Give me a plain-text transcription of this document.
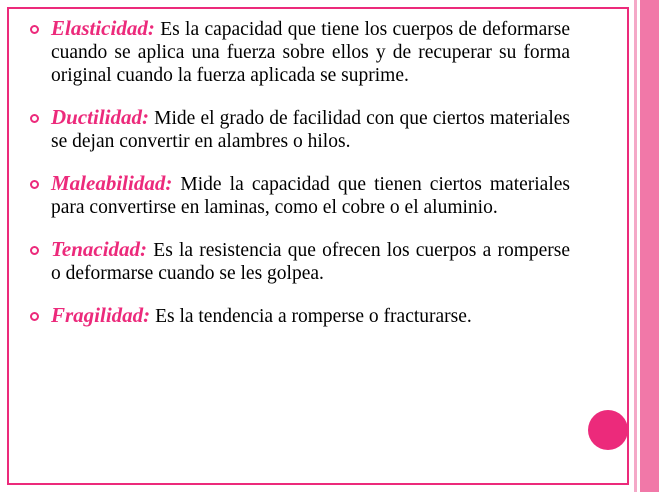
Elasticidad: Es la capacidad que tiene los cuerpos de deformarse cuando se aplica una fuerza sobre ellos y de recuperar su forma original cuando la fuerza aplicada se suprime.
Ductilidad: Mide el grado de facilidad con que ciertos materiales se dejan convertir en alambres o hilos.
Maleabilidad: Mide la capacidad que tienen ciertos materiales para convertirse en laminas, como el cobre o el aluminio.
Tenacidad: Es la resistencia que ofrecen los cuerpos a romperse o deformarse cuando se les golpea.
Fragilidad: Es la tendencia a romperse o fracturarse.
